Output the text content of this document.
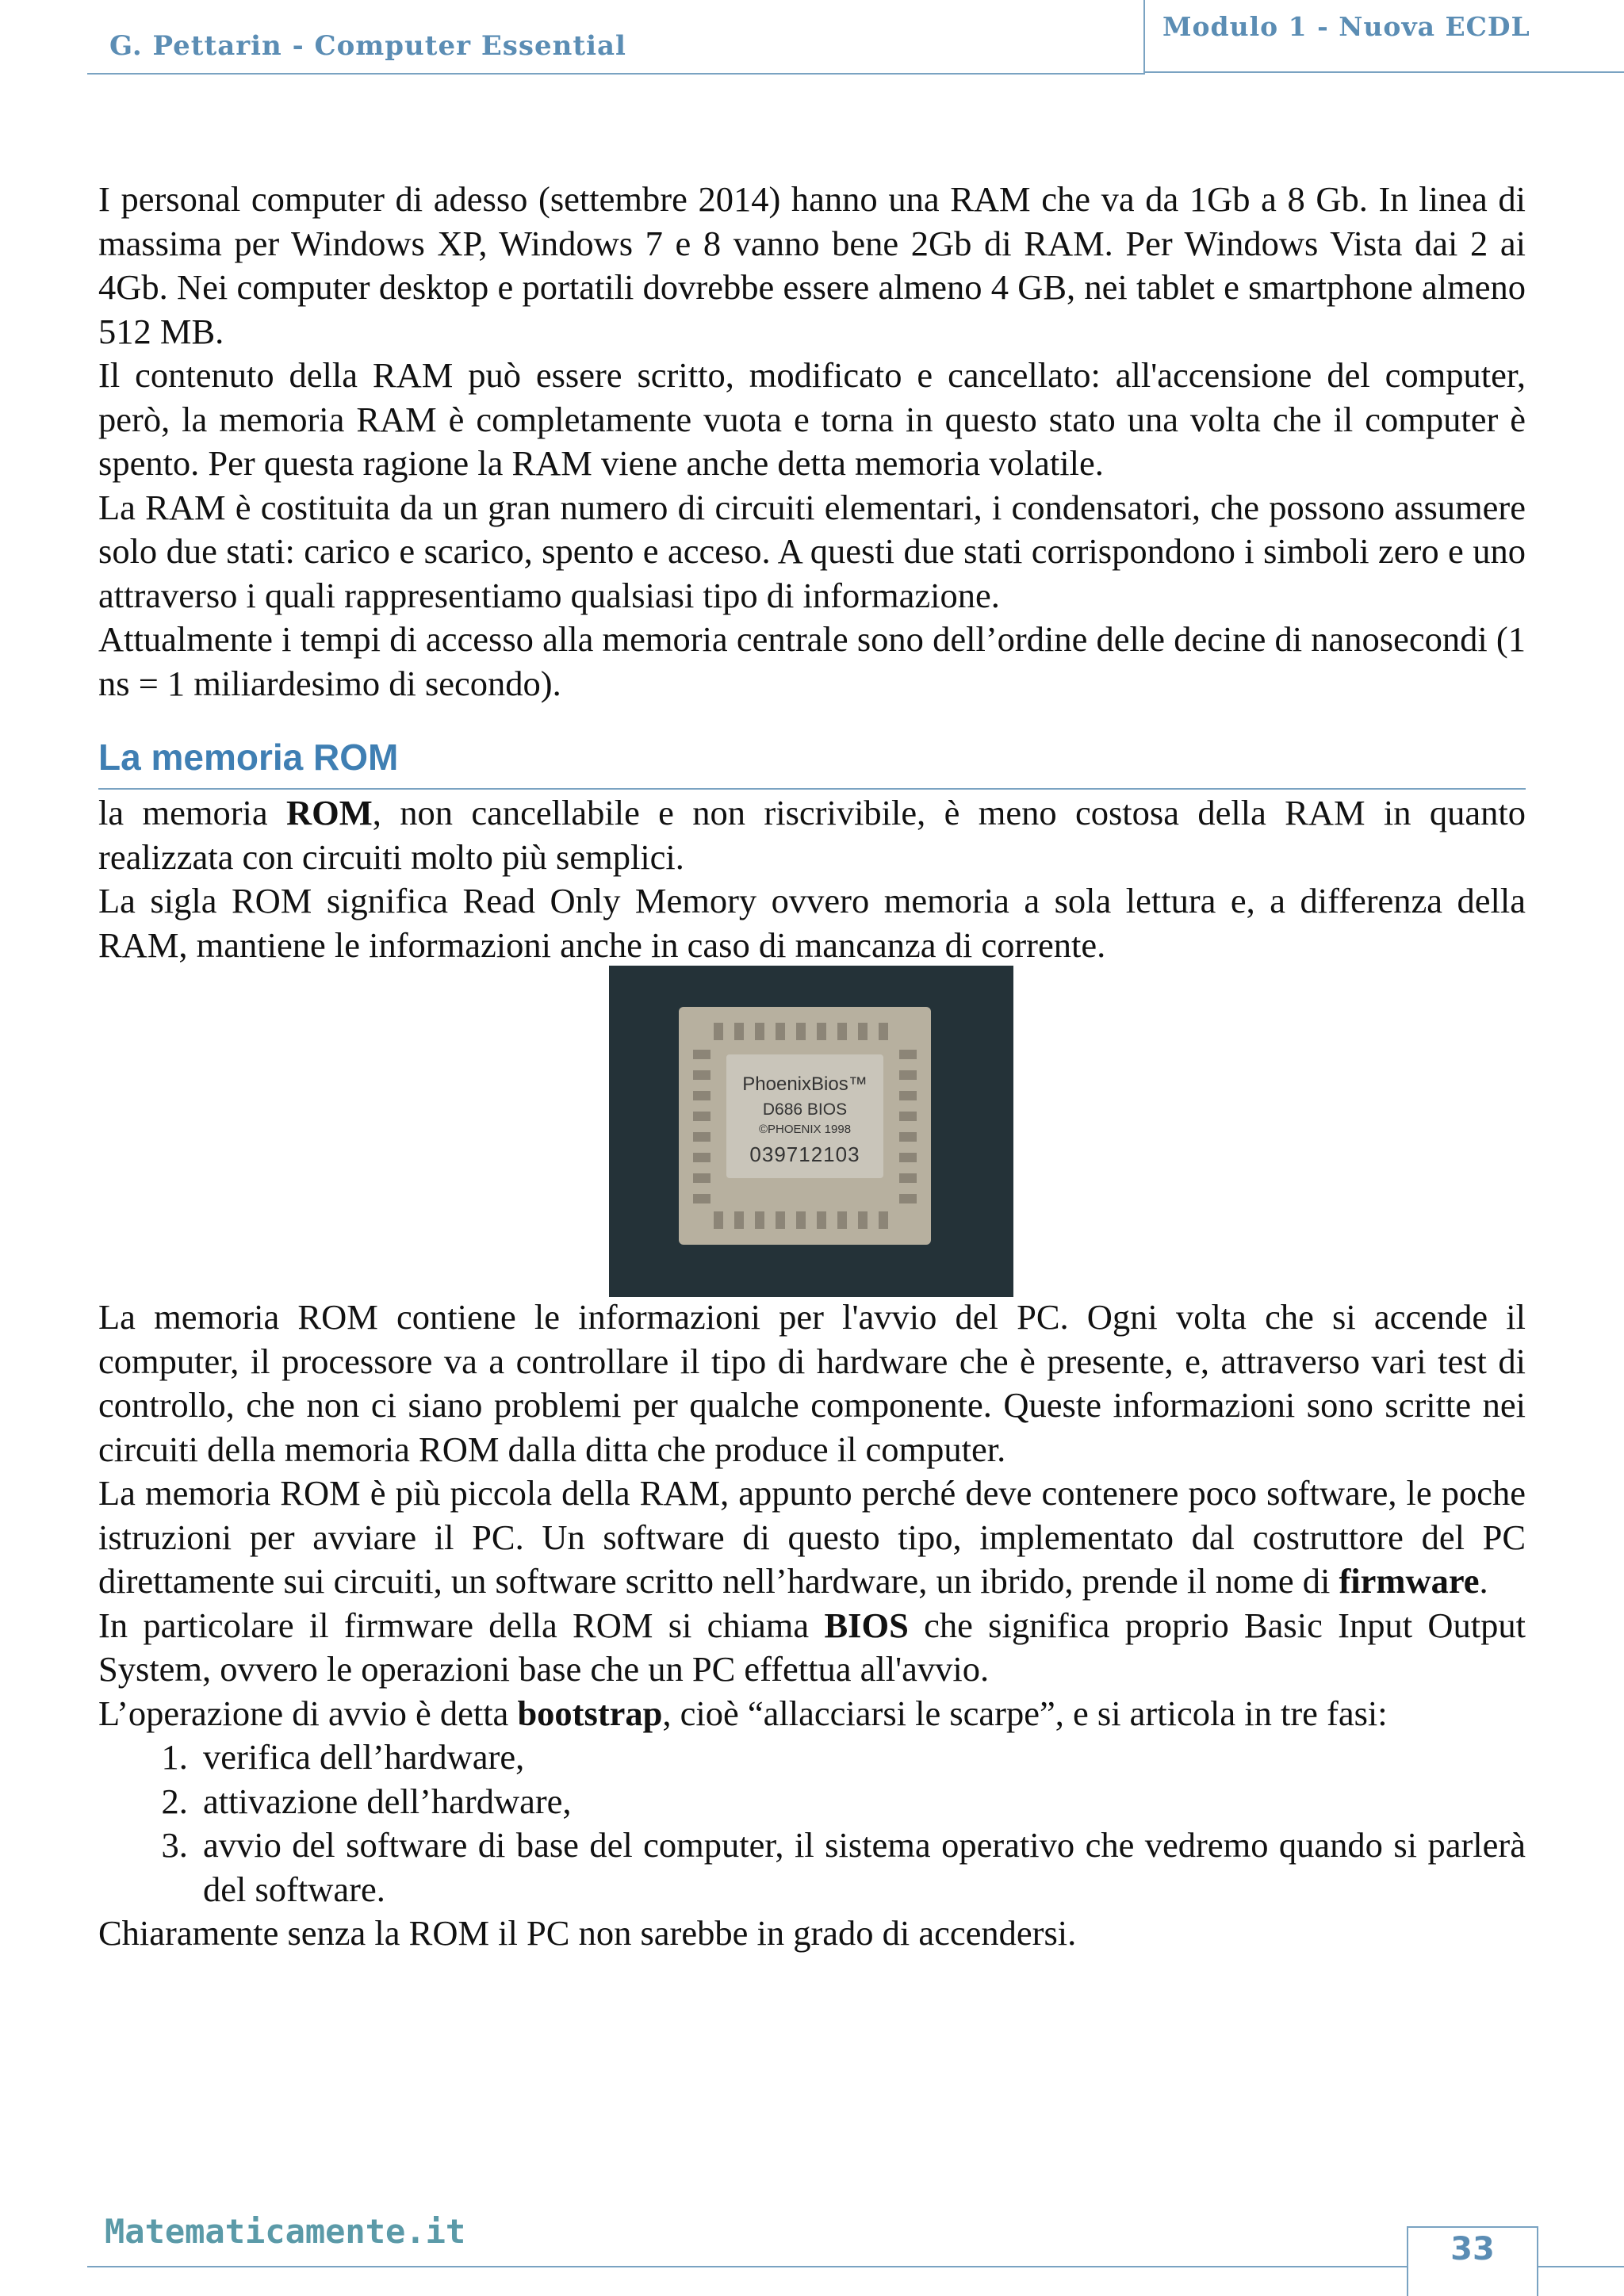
G. Pettarin - Computer Essential
Modulo 1 - Nuova ECDL

I personal computer di adesso (settembre 2014) hanno una RAM che va da 1Gb a 8 Gb. In linea di massima per Windows XP, Windows 7 e 8 vanno bene 2Gb di RAM. Per Windows Vista dai 2 ai 4Gb. Nei computer desktop e portatili dovrebbe essere almeno 4 GB, nei tablet e smartphone almeno 512 MB.

Il contenuto della RAM può essere scritto, modificato e cancellato: all'accensione del computer, però, la memoria RAM è completamente vuota e torna in questo stato una volta che il computer è spento. Per questa ragione la RAM viene anche detta memoria volatile.

La RAM è costituita da un gran numero di circuiti elementari, i condensatori, che possono assumere solo due stati: carico e scarico, spento e acceso. A questi due stati corrispondono i simboli zero e uno attraverso i quali rappresentiamo qualsiasi tipo di informazione.

Attualmente i tempi di accesso alla memoria centrale sono dell’ordine delle decine di nanosecondi (1 ns = 1 miliardesimo di secondo).

La memoria ROM

la memoria ROM, non cancellabile e non riscrivibile, è meno costosa della RAM in quanto realizzata con circuiti molto più semplici.

La sigla ROM significa Read Only Memory ovvero memoria a sola lettura e, a differenza della RAM, mantiene le informazioni anche in caso di mancanza di corrente.

PhoenixBios™
D686 BIOS
©PHOENIX 1998
039712103

La memoria ROM contiene le informazioni per l'avvio del PC. Ogni volta che si accende il computer, il processore va a controllare il tipo di hardware che è presente, e, attraverso vari test di controllo, che non ci siano problemi per qualche componente. Queste informazioni sono scritte nei circuiti della memoria ROM dalla ditta che produce il computer.

La memoria ROM è più piccola della RAM, appunto perché deve contenere poco software, le poche istruzioni per avviare il PC. Un software di questo tipo, implementato dal costruttore del PC direttamente sui circuiti, un software scritto nell’hardware, un ibrido, prende il nome di firmware.

In particolare il firmware della ROM si chiama BIOS che significa proprio Basic Input Output System, ovvero le operazioni base che un PC effettua all'avvio.

L’operazione di avvio è detta bootstrap, cioè “allacciarsi le scarpe”, e si articola in tre fasi:

1. verifica dell’hardware,
2. attivazione dell’hardware,
3. avvio del software di base del computer, il sistema operativo che vedremo quando si parlerà del software.

Chiaramente senza la ROM il PC non sarebbe in grado di accendersi.

Matematicamente.it	33
